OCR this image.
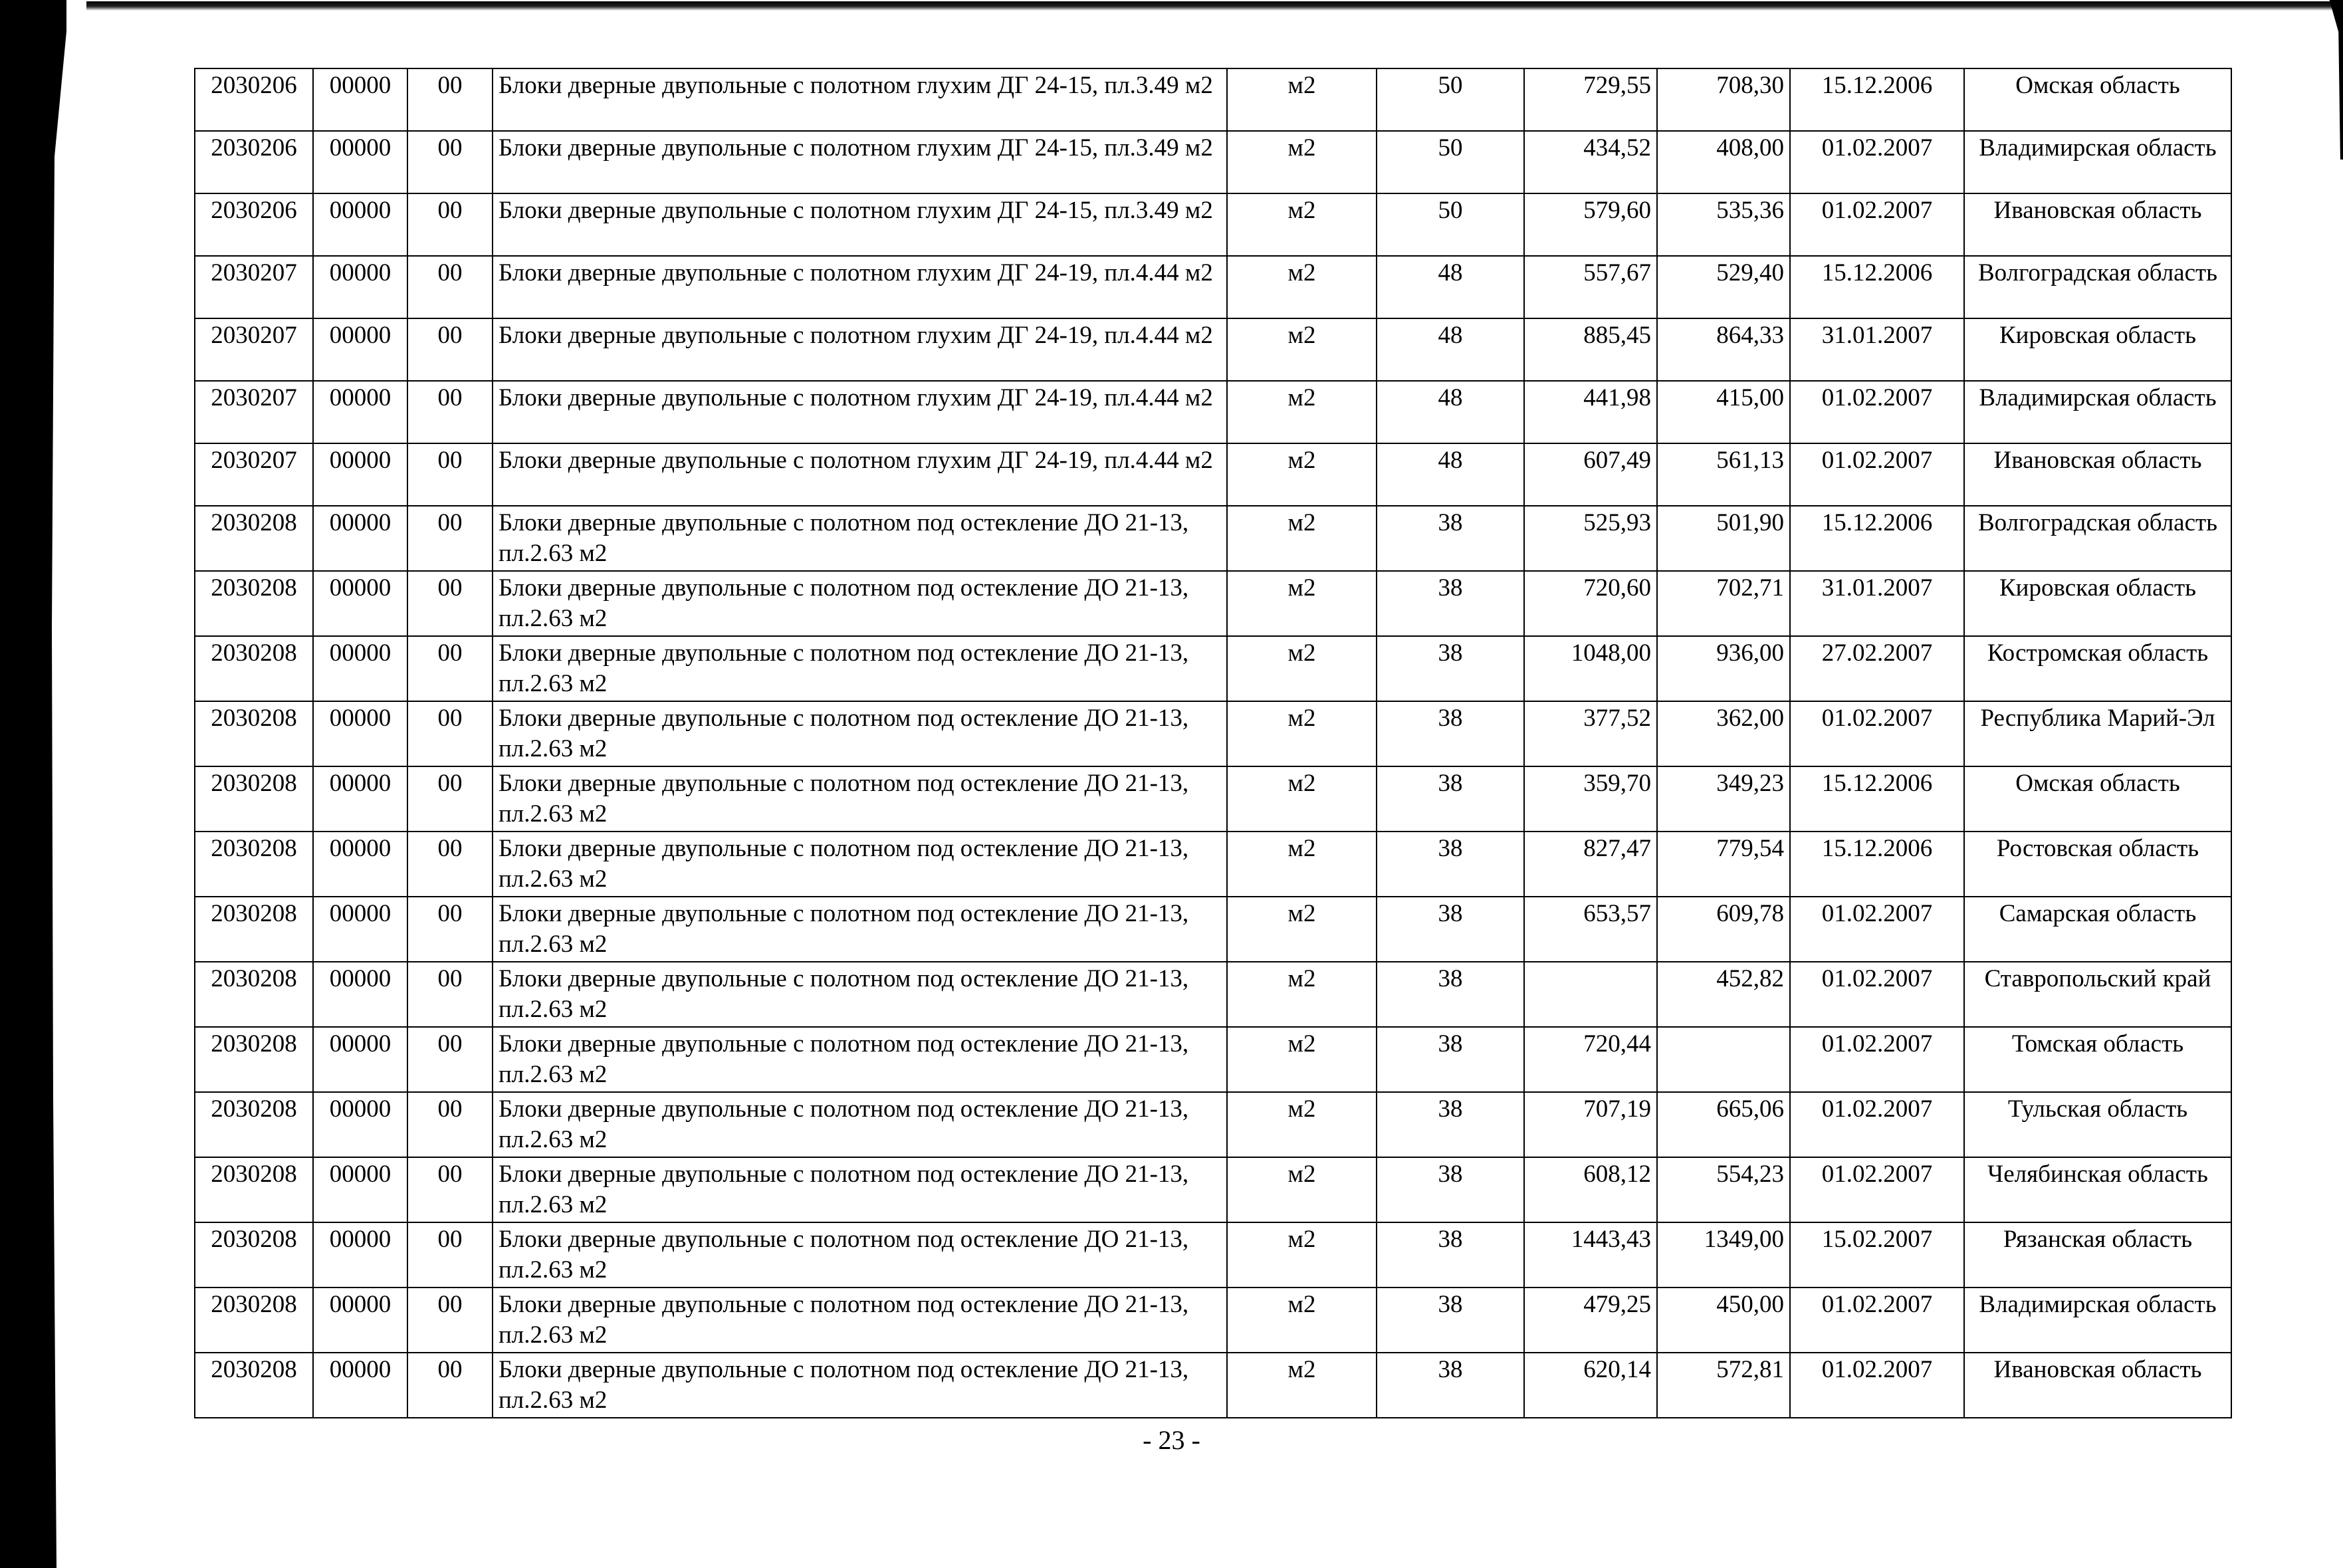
2030206	00000	00	Блоки дверные двупольные с полотном глухим ДГ 24-15, пл.3.49 м2	м2	50	729,55	708,30	15.12.2006	Омская область
2030206	00000	00	Блоки дверные двупольные с полотном глухим ДГ 24-15, пл.3.49 м2	м2	50	434,52	408,00	01.02.2007	Владимирская область
2030206	00000	00	Блоки дверные двупольные с полотном глухим ДГ 24-15, пл.3.49 м2	м2	50	579,60	535,36	01.02.2007	Ивановская область
2030207	00000	00	Блоки дверные двупольные с полотном глухим ДГ 24-19, пл.4.44 м2	м2	48	557,67	529,40	15.12.2006	Волгоградская область
2030207	00000	00	Блоки дверные двупольные с полотном глухим ДГ 24-19, пл.4.44 м2	м2	48	885,45	864,33	31.01.2007	Кировская область
2030207	00000	00	Блоки дверные двупольные с полотном глухим ДГ 24-19, пл.4.44 м2	м2	48	441,98	415,00	01.02.2007	Владимирская область
2030207	00000	00	Блоки дверные двупольные с полотном глухим ДГ 24-19, пл.4.44 м2	м2	48	607,49	561,13	01.02.2007	Ивановская область
2030208	00000	00	Блоки дверные двупольные с полотном под остекление ДО 21-13, пл.2.63 м2	м2	38	525,93	501,90	15.12.2006	Волгоградская область
2030208	00000	00	Блоки дверные двупольные с полотном под остекление ДО 21-13, пл.2.63 м2	м2	38	720,60	702,71	31.01.2007	Кировская область
2030208	00000	00	Блоки дверные двупольные с полотном под остекление ДО 21-13, пл.2.63 м2	м2	38	1048,00	936,00	27.02.2007	Костромская область
2030208	00000	00	Блоки дверные двупольные с полотном под остекление ДО 21-13, пл.2.63 м2	м2	38	377,52	362,00	01.02.2007	Республика Марий-Эл
2030208	00000	00	Блоки дверные двупольные с полотном под остекление ДО 21-13, пл.2.63 м2	м2	38	359,70	349,23	15.12.2006	Омская область
2030208	00000	00	Блоки дверные двупольные с полотном под остекление ДО 21-13, пл.2.63 м2	м2	38	827,47	779,54	15.12.2006	Ростовская область
2030208	00000	00	Блоки дверные двупольные с полотном под остекление ДО 21-13, пл.2.63 м2	м2	38	653,57	609,78	01.02.2007	Самарская область
2030208	00000	00	Блоки дверные двупольные с полотном под остекление ДО 21-13, пл.2.63 м2	м2	38		452,82	01.02.2007	Ставропольский край
2030208	00000	00	Блоки дверные двупольные с полотном под остекление ДО 21-13, пл.2.63 м2	м2	38	720,44		01.02.2007	Томская область
2030208	00000	00	Блоки дверные двупольные с полотном под остекление ДО 21-13, пл.2.63 м2	м2	38	707,19	665,06	01.02.2007	Тульская область
2030208	00000	00	Блоки дверные двупольные с полотном под остекление ДО 21-13, пл.2.63 м2	м2	38	608,12	554,23	01.02.2007	Челябинская область
2030208	00000	00	Блоки дверные двупольные с полотном под остекление ДО 21-13, пл.2.63 м2	м2	38	1443,43	1349,00	15.02.2007	Рязанская область
2030208	00000	00	Блоки дверные двупольные с полотном под остекление ДО 21-13, пл.2.63 м2	м2	38	479,25	450,00	01.02.2007	Владимирская область
2030208	00000	00	Блоки дверные двупольные с полотном под остекление ДО 21-13, пл.2.63 м2	м2	38	620,14	572,81	01.02.2007	Ивановская область
- 23 -
